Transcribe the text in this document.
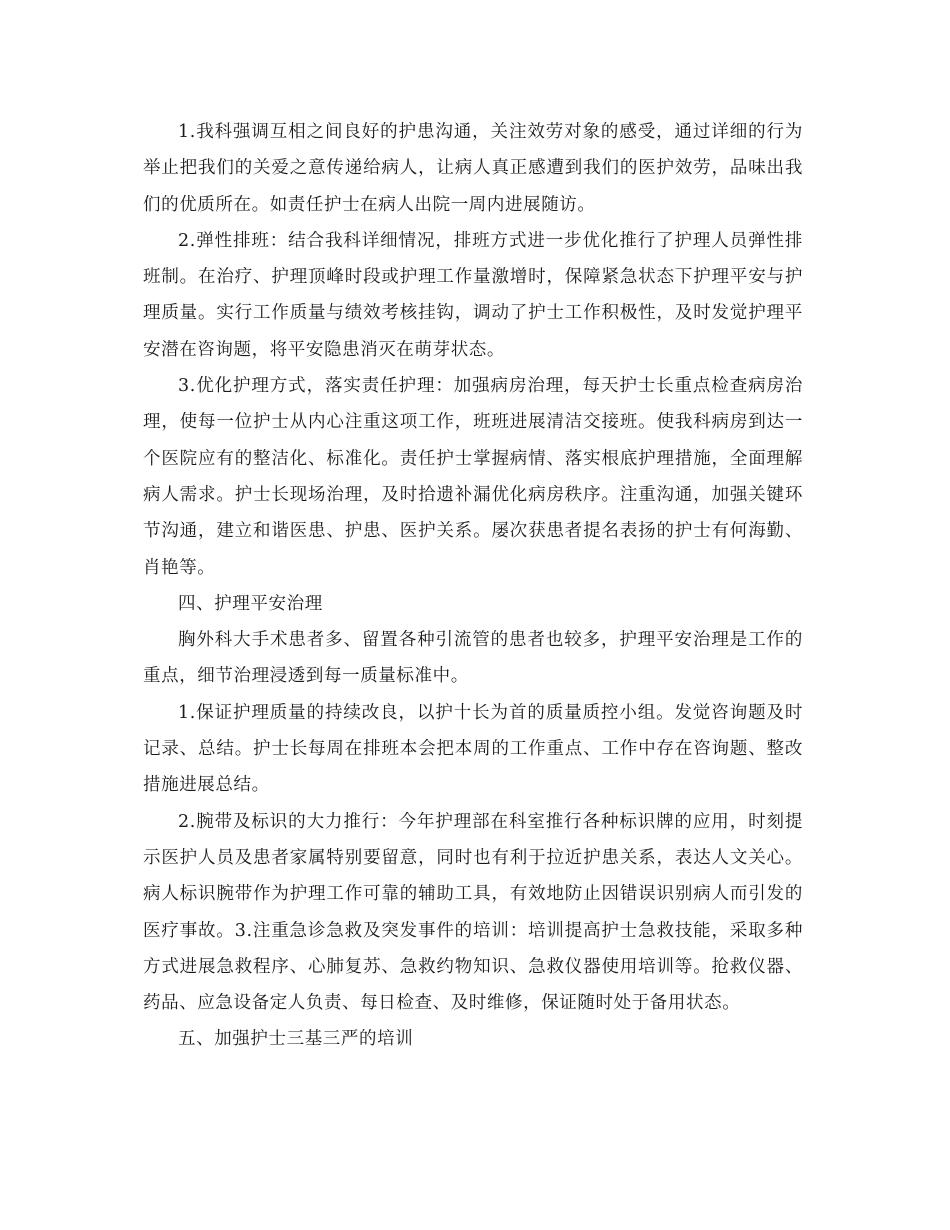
1.我科强调互相之间良好的护患沟通，关注效劳对象的感受，通过详细的行为举止把我们的关爱之意传递给病人，让病人真正感遭到我们的医护效劳，品味出我们的优质所在。如责任护士在病人出院一周内进展随访。

2.弹性排班：结合我科详细情况，排班方式进一步优化推行了护理人员弹性排班制。在治疗、护理顶峰时段或护理工作量激增时，保障紧急状态下护理平安与护理质量。实行工作质量与绩效考核挂钩，调动了护士工作积极性，及时发觉护理平安潜在咨询题，将平安隐患消灭在萌芽状态。

3.优化护理方式，落实责任护理：加强病房治理，每天护士长重点检查病房治理，使每一位护士从内心注重这项工作，班班进展清洁交接班。使我科病房到达一个医院应有的整洁化、标准化。责任护士掌握病情、落实根底护理措施，全面理解病人需求。护士长现场治理，及时拾遗补漏优化病房秩序。注重沟通，加强关键环节沟通，建立和谐医患、护患、医护关系。屡次获患者提名表扬的护士有何海勤、肖艳等。

四、护理平安治理

胸外科大手术患者多、留置各种引流管的患者也较多，护理平安治理是工作的重点，细节治理浸透到每一质量标准中。

1.保证护理质量的持续改良，以护十长为首的质量质控小组。发觉咨询题及时记录、总结。护士长每周在排班本会把本周的工作重点、工作中存在咨询题、整改措施进展总结。

2.腕带及标识的大力推行：今年护理部在科室推行各种标识牌的应用，时刻提示医护人员及患者家属特别要留意，同时也有利于拉近护患关系，表达人文关心。病人标识腕带作为护理工作可靠的辅助工具，有效地防止因错误识别病人而引发的医疗事故。3.注重急诊急救及突发事件的培训：培训提高护士急救技能，采取多种方式进展急救程序、心肺复苏、急救约物知识、急救仪器使用培训等。抢救仪器、药品、应急设备定人负责、每日检查、及时维修，保证随时处于备用状态。

五、加强护士三基三严的培训
